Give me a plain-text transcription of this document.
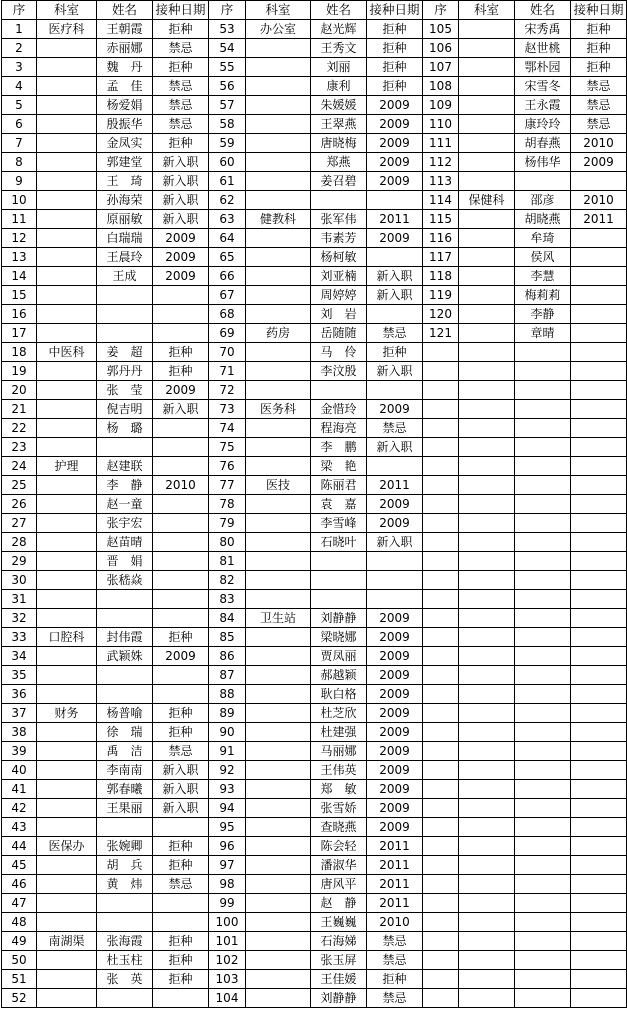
序	科室	姓名	接种日期	序	科室	姓名	接种日期	序	科室	姓名	接种日期
1	医疗科	王朝霞	拒种	53	办公室	赵光辉	拒种	105		宋秀禹	拒种
2		赤丽娜	禁忌	54		王秀文	拒种	106		赵世桃	拒种
3		魏　丹	拒种	55		刘丽	拒种	107		鄂朴园	拒种
4		孟　佳	禁忌	56		康利	拒种	108		宋雪冬	禁忌
5		杨爱娟	禁忌	57		朱媛媛	2009	109		王永霞	禁忌
6		殷振华	禁忌	58		王翠燕	2009	110		康玲玲	禁忌
7		金凤实	拒种	59		唐晓梅	2009	111		胡春燕	2010
8		郭建堂	新入职	60		郑燕	2009	112		杨伟华	2009
9		王　琦	新入职	61		姜召碧	2009	113			
10		孙海荣	新入职	62				114	保健科	邵彦	2010
11		原丽敏	新入职	63	健教科	张军伟	2011	115		胡晓燕	2011
12		白瑞瑞	2009	64		韦素芳	2009	116		牟琦	
13		王晨玲	2009	65		杨柯敏		117		侯风	
14		王成	2009	66		刘亚楠	新入职	118		李慧	
15				67		周婷婷	新入职	119		梅莉莉	
16				68		刘　岩		120		李静	
17				69	药房	岳随随	禁忌	121		章晴	
18	中医科	姜　超	拒种	70		马　伶	拒种				
19		郭丹丹	拒种	71		李汶殷	新入职				
20		张　莹	2009	72							
21		倪吉明	新入职	73	医务科	金惜玲	2009				
22		杨　璐		74		程海亮	禁忌				
23				75		李　鹏	新入职				
24	护理	赵建联		76		梁　艳					
25		李　静	2010	77	医技	陈丽君	2011				
26		赵一童		78		袁　嘉	2009				
27		张宇宏		79		李雪峰	2009				
28		赵苗晴		80		石晓叶	新入职				
29		晋　娟		81							
30		张嵇焱		82							
31				83							
32				84	卫生站	刘静静	2009				
33	口腔科	封伟霞	拒种	85		梁晓娜	2009				
34		武颖姝	2009	86		贾凤丽	2009				
35				87		郝越颖	2009				
36				88		耿白格	2009				
37	财务	杨普喻	拒种	89		杜芝欣	2009				
38		徐　瑞	拒种	90		杜建强	2009				
39		禹　洁	禁忌	91		马丽娜	2009				
40		李南南	新入职	92		王伟英	2009				
41		郭春曦	新入职	93		郑　敏	2009				
42		王果丽	新入职	94		张雪娇	2009				
43				95		查晓燕	2009				
44	医保办	张婉卿	拒种	96		陈会轻	2011				
45		胡　兵	拒种	97		潘淑华	2011				
46		黄　炜	禁忌	98		唐风平	2011				
47				99		赵　静	2011				
48				100		王巍巍	2010				
49	南湖渠	张海霞	拒种	101		石海娣	禁忌				
50		杜玉柱	拒种	102		张玉屏	禁忌				
51		张　英	拒种	103		王佳媛	拒种				
52				104		刘静静	禁忌				
